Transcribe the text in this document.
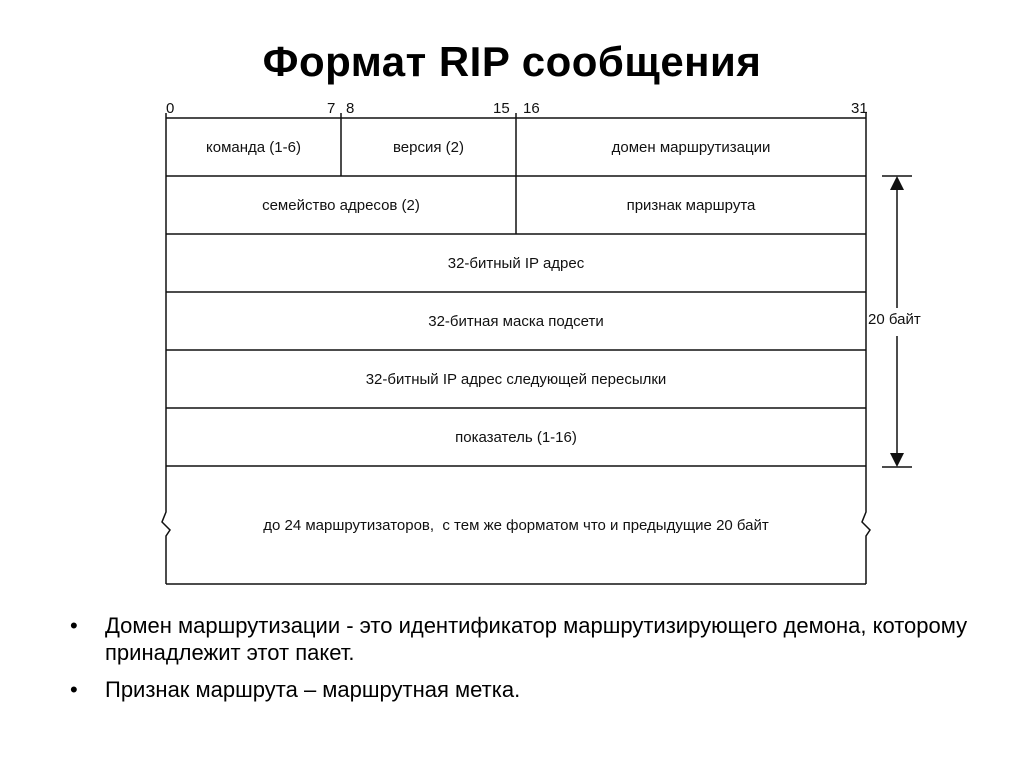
Формат RIP сообщения
0	7 8	15 16	31
команда (1-6)	версия (2)	домен маршрутизации
семейство адресов (2)	признак маршрута
32-битный IP адрес
32-битная маска подсети
32-битный IP адрес следующей пересылки
показатель (1-16)
до 24 маршрутизаторов,  с тем же форматом что и предыдущие 20 байт
20 байт
• Домен маршрутизации - это идентификатор маршрутизирующего демона, которому принадлежит этот пакет.
• Признак маршрута – маршрутная метка.
